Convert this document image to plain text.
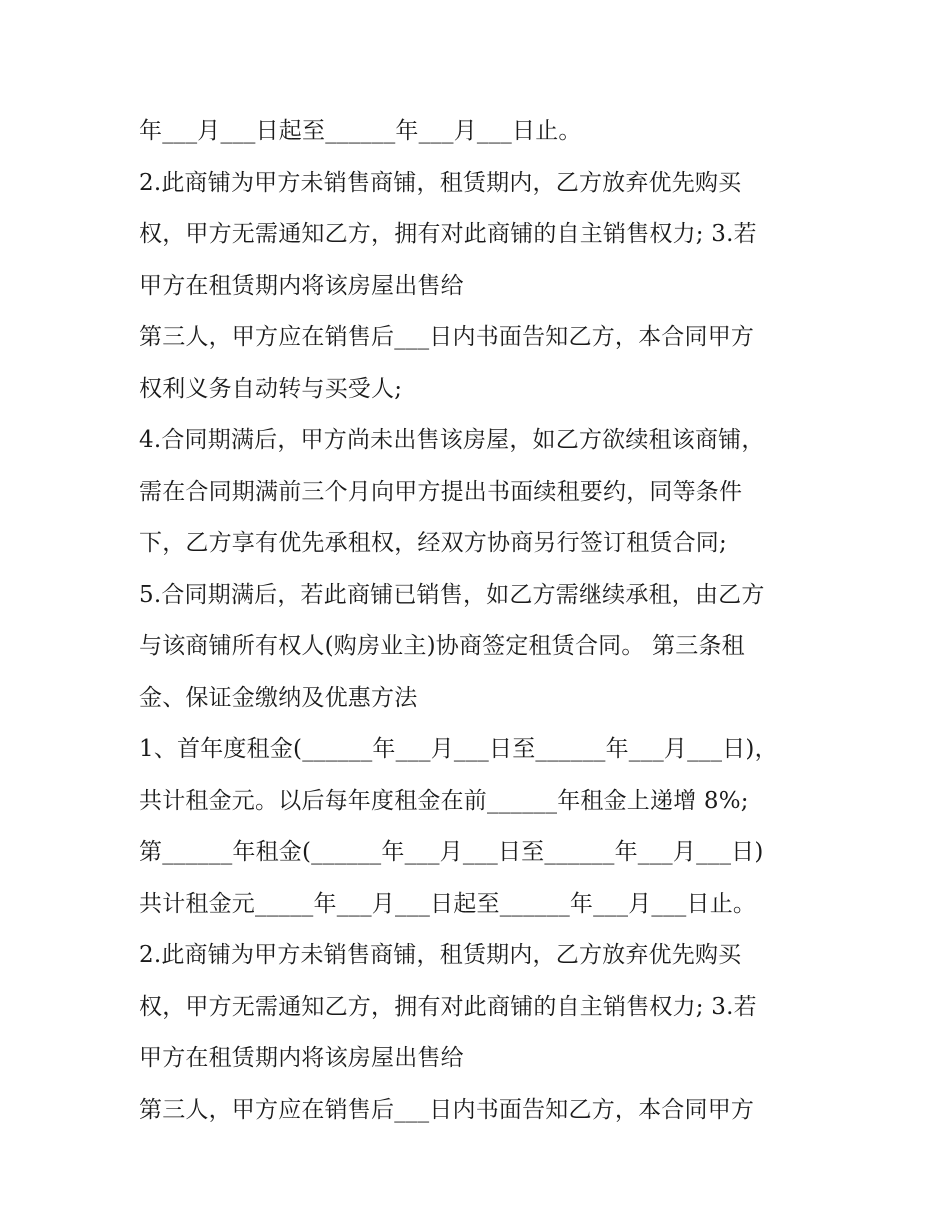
年___月___日起至______年___月___日止。
2.此商铺为甲方未销售商铺，租赁期内，乙方放弃优先购买
权，甲方无需通知乙方，拥有对此商铺的自主销售权力; 3.若
甲方在租赁期内将该房屋出售给
第三人，甲方应在销售后___日内书面告知乙方，本合同甲方
权利义务自动转与买受人;
4.合同期满后，甲方尚未出售该房屋，如乙方欲续租该商铺，
需在合同期满前三个月向甲方提出书面续租要约，同等条件
下，乙方享有优先承租权，经双方协商另行签订租赁合同;
5.合同期满后，若此商铺已销售，如乙方需继续承租，由乙方
与该商铺所有权人(购房业主)协商签定租赁合同。 第三条租
金、保证金缴纳及优惠方法
1、首年度租金(______年___月___日至______年___月___日)，
共计租金元。以后每年度租金在前______年租金上递增 8%;
第______年租金(______年___月___日至______年___月___日)
共计租金元_____年___月___日起至______年___月___日止。
2.此商铺为甲方未销售商铺，租赁期内，乙方放弃优先购买
权，甲方无需通知乙方，拥有对此商铺的自主销售权力; 3.若
甲方在租赁期内将该房屋出售给
第三人，甲方应在销售后___日内书面告知乙方，本合同甲方
